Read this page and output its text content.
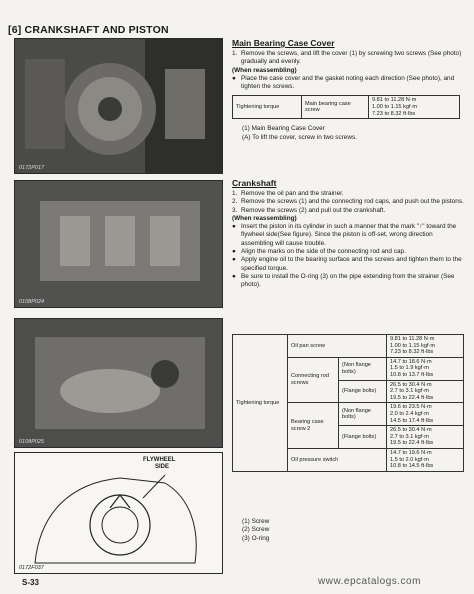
[6] CRANKSHAFT AND PISTON
0172P017
0108P024
0108P025
FLYWHEEL
SIDE
0172F037
Main Bearing Case Cover
1. Remove the screws, and lift the cover (1) by screwing two screws (See photo) gradually and evenly.
(When reassembling)
● Place the case cover and the gasket noting each direction (See photo), and tighten the screws.
Tightening torque	Main bearing case screw	9.81 to 11.28 N·m
1.00 to 1.15 kgf·m
7.23 to 8.32 ft·lbs
(1) Main Bearing Case Cover
(A) To lift the cover, screw in two screws.
Crankshaft
1. Remove the oil pan and the strainer.
2. Remove the screws (1) and the connecting rod caps, and push out the pistons.
3. Remove the screws (2) and pull out the crankshaft.
(When reassembling)
● Insert the piston in its cylinder in such a manner that the mark "↑" toward the flywheel side(See figure). Since the piston is off-set, wrong direction assembling will cause trouble.
● Align the marks on the side of the connecting rod and cap.
● Apply engine oil to the bearing surface and the screws and tighten them to the specified torque.
● Be sure to install the O-ring (3) on the pipe extending from the strainer (See photo).
Tightening torque	Oil pan screw		9.81 to 11.28 N·m
1.00 to 1.15 kgf·m
7.23 to 8.32 ft·lbs
	Connecting rod screws	(Non flange bolts)	14.7 to 18.6 N·m
1.5 to 1.9 kgf·m
10.8 to 13.7 ft·lbs
		(Flange bolts)	26.5 to 30.4 N·m
2.7 to 3.1 kgf·m
19.5 to 22.4 ft·lbs
	Bearing case screw 2	(Non flange bolts)	19.6 to 23.5 N·m
2.0 to 2.4 kgf·m
14.5 to 17.4 ft·lbs
		(Flange bolts)	26.5 to 30.4 N·m
2.7 to 3.1 kgf·m
19.5 to 22.4 ft·lbs
	Oil pressure switch		14.7 to 19.6 N·m
1.5 to 2.0 kgf·m
10.8 to 14.5 ft·lbs
(1) Screw
(2) Screw
(3) O-ring
S-33	www.epcatalogs.com
